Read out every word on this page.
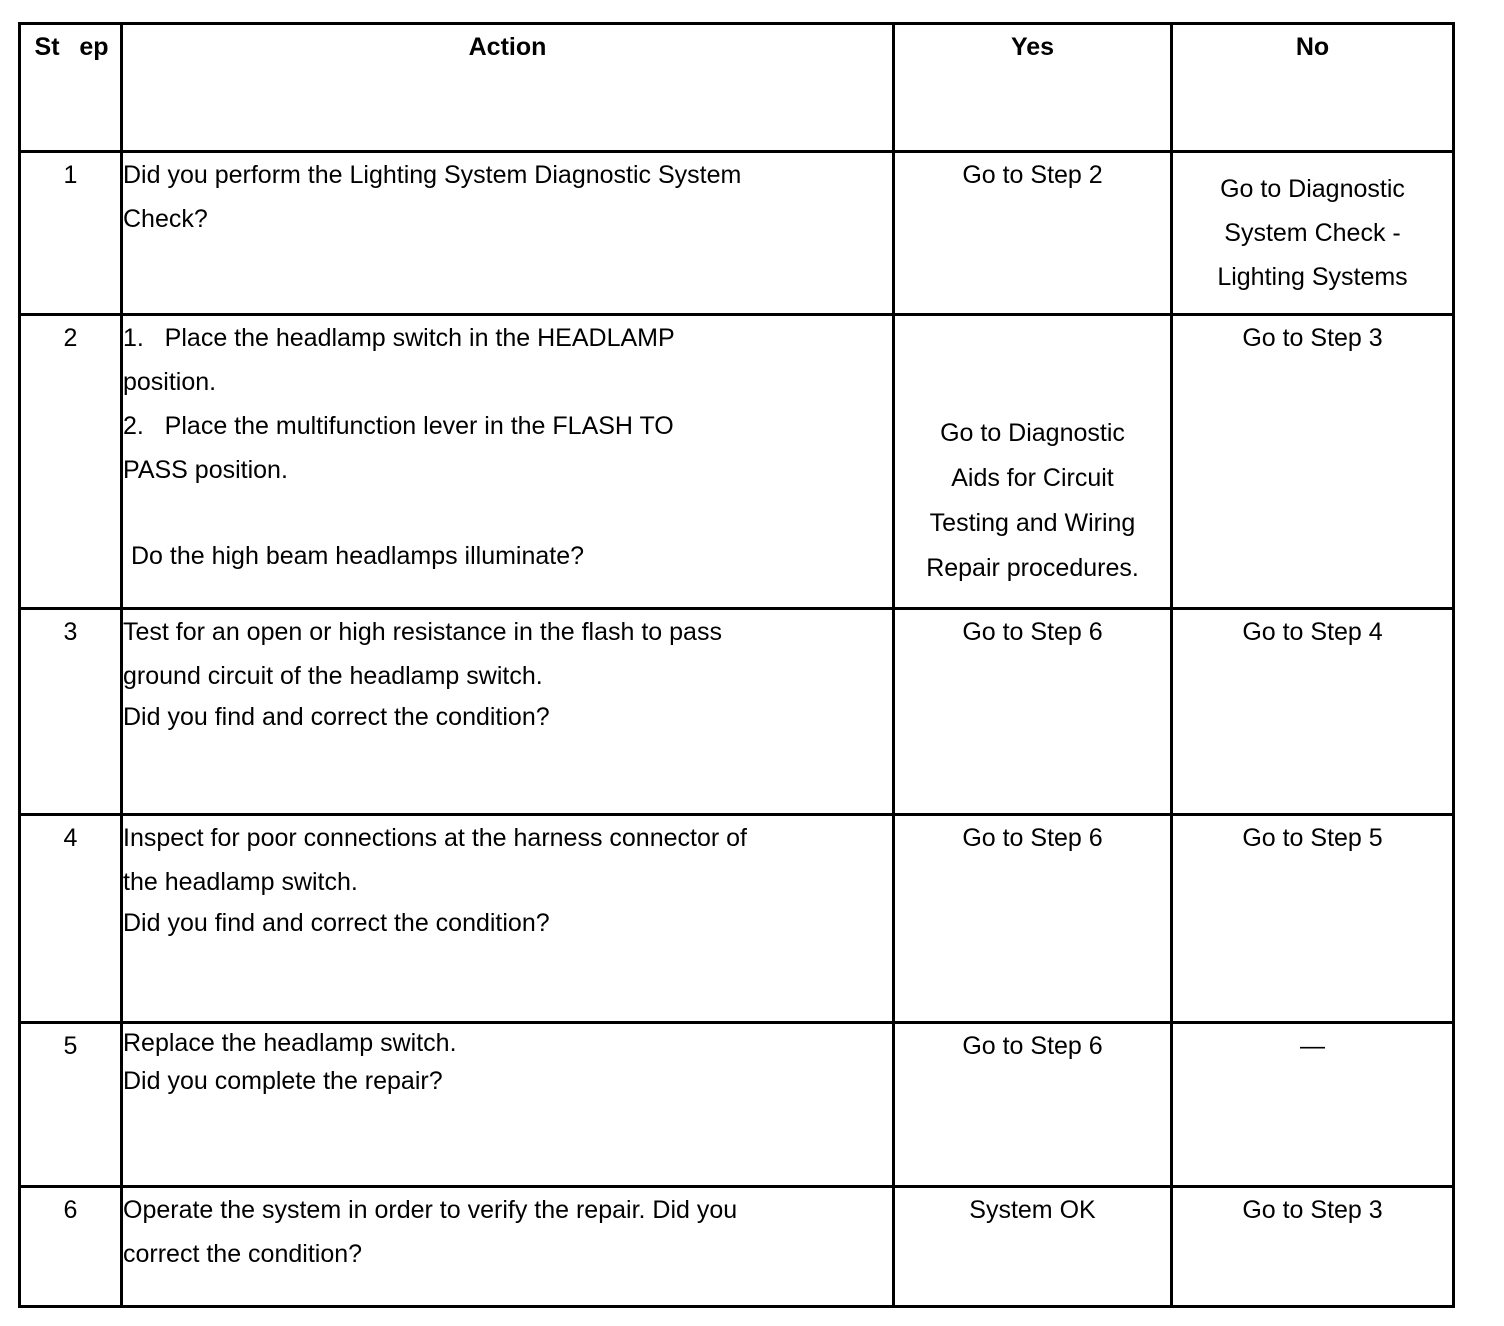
St ep	Action	Yes	No
1	Did you perform the Lighting System Diagnostic System
Check?	Go to Step 2	Go to Diagnostic
System Check -
Lighting Systems

2	1.   Place the headlamp switch in the HEADLAMP
position.
2.   Place the multifunction lever in the FLASH TO
PASS position.
Do the high beam headlamps illuminate?	Go to Diagnostic
Aids for Circuit
Testing and Wiring
Repair procedures.	Go to Step 3

3	Test for an open or high resistance in the flash to pass
ground circuit of the headlamp switch.
Did you find and correct the condition?	Go to Step 6	Go to Step 4

4	Inspect for poor connections at the harness connector of
the headlamp switch.
Did you find and correct the condition?	Go to Step 6	Go to Step 5

5	Replace the headlamp switch.
Did you complete the repair?	Go to Step 6	—

6	Operate the system in order to verify the repair. Did you
correct the condition?	System OK	Go to Step 3
